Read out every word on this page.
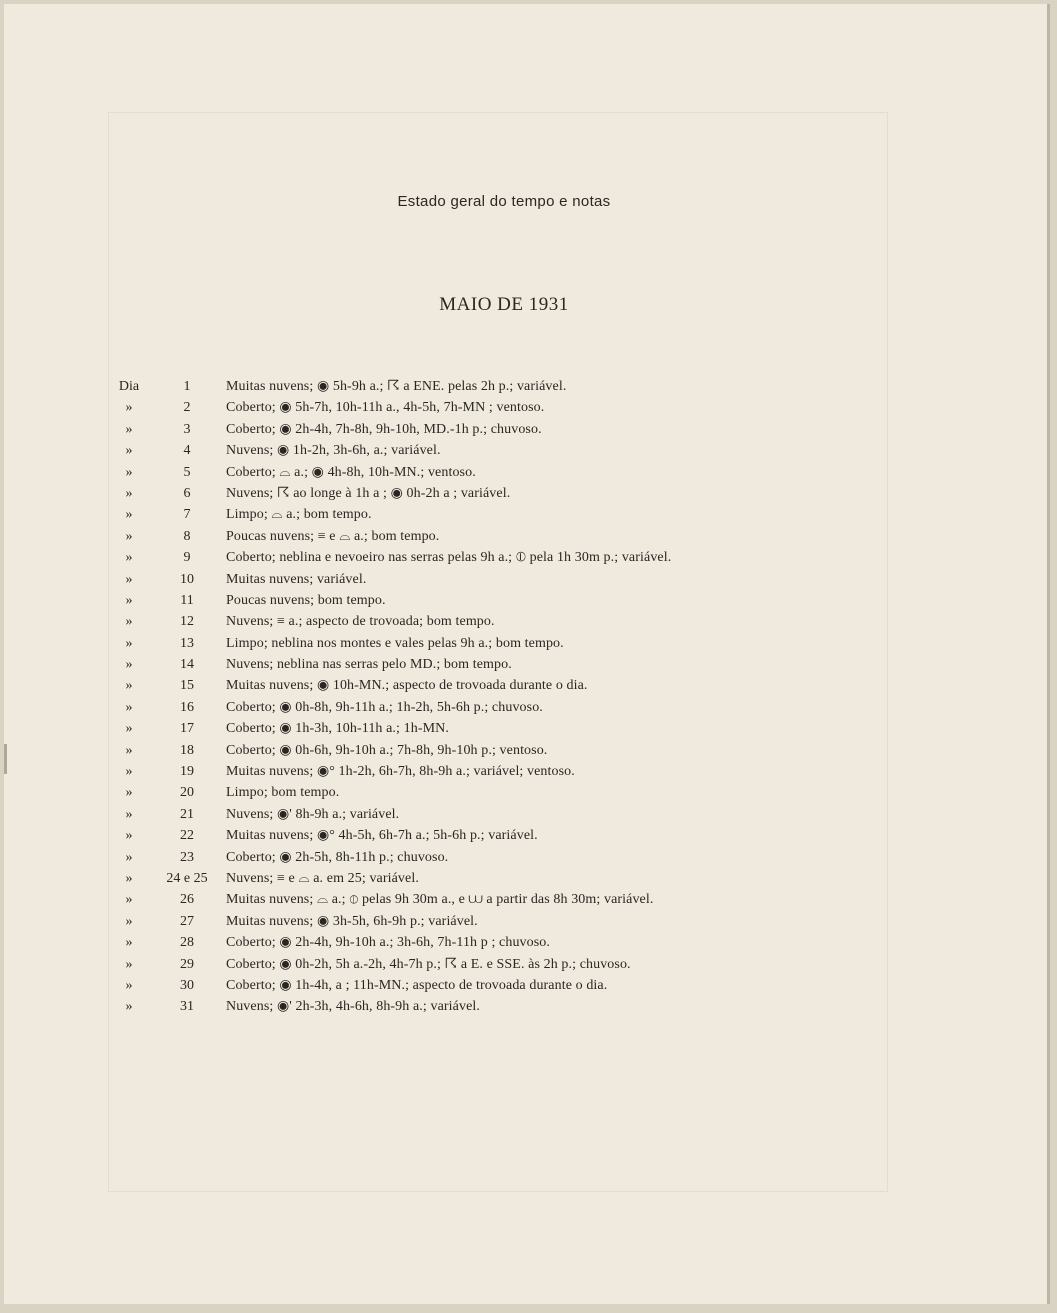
Estado geral do tempo e notas
MAIO DE 1931
Dia	1	Muitas nuvens; ◉ 5h-9h a.; ☈ a ENE. pelas 2h p.; variável.
»	2	Coberto; ◉ 5h-7h, 10h-11h a., 4h-5h, 7h-MN ; ventoso.
»	3	Coberto; ◉ 2h-4h, 7h-8h, 9h-10h, MD.-1h p.; chuvoso.
»	4	Nuvens; ◉ 1h-2h, 3h-6h, a.; variável.
»	5	Coberto; ⌓ a.; ◉ 4h-8h, 10h-MN.; ventoso.
»	6	Nuvens; ☈ ao longe à 1h a ; ◉ 0h-2h a ; variável.
»	7	Limpo; ⌓ a.; bom tempo.
»	8	Poucas nuvens; ≡ e ⌓ a.; bom tempo.
»	9	Coberto; neblina e nevoeiro nas serras pelas 9h a.; ⦶ pela 1h 30m p.; variável.
»	10	Muitas nuvens; variável.
»	11	Poucas nuvens; bom tempo.
»	12	Nuvens; ≡ a.; aspecto de trovoada; bom tempo.
»	13	Limpo; neblina nos montes e vales pelas 9h a.; bom tempo.
»	14	Nuvens; neblina nas serras pelo MD.; bom tempo.
»	15	Muitas nuvens; ◉ 10h-MN.; aspecto de trovoada durante o dia.
»	16	Coberto; ◉ 0h-8h, 9h-11h a.; 1h-2h, 5h-6h p.; chuvoso.
»	17	Coberto; ◉ 1h-3h, 10h-11h a.; 1h-MN.
»	18	Coberto; ◉ 0h-6h, 9h-10h a.; 7h-8h, 9h-10h p.; ventoso.
»	19	Muitas nuvens; ◉° 1h-2h, 6h-7h, 8h-9h a.; variável; ventoso.
»	20	Limpo; bom tempo.
»	21	Nuvens; ◉' 8h-9h a.; variável.
»	22	Muitas nuvens; ◉° 4h-5h, 6h-7h a.; 5h-6h p.; variável.
»	23	Coberto; ◉ 2h-5h, 8h-11h p.; chuvoso.
»	24 e 25	Nuvens; ≡ e ⌓ a. em 25; variável.
»	26	Muitas nuvens; ⌓ a.; ⦶ pelas 9h 30m a., e ⩊ a partir das 8h 30m; variável.
»	27	Muitas nuvens; ◉ 3h-5h, 6h-9h p.; variável.
»	28	Coberto; ◉ 2h-4h, 9h-10h a.; 3h-6h, 7h-11h p ; chuvoso.
»	29	Coberto; ◉ 0h-2h, 5h a.-2h, 4h-7h p.; ☈ a E. e SSE. às 2h p.; chuvoso.
»	30	Coberto; ◉ 1h-4h, a ; 11h-MN.; aspecto de trovoada durante o dia.
»	31	Nuvens; ◉' 2h-3h, 4h-6h, 8h-9h a.; variável.
